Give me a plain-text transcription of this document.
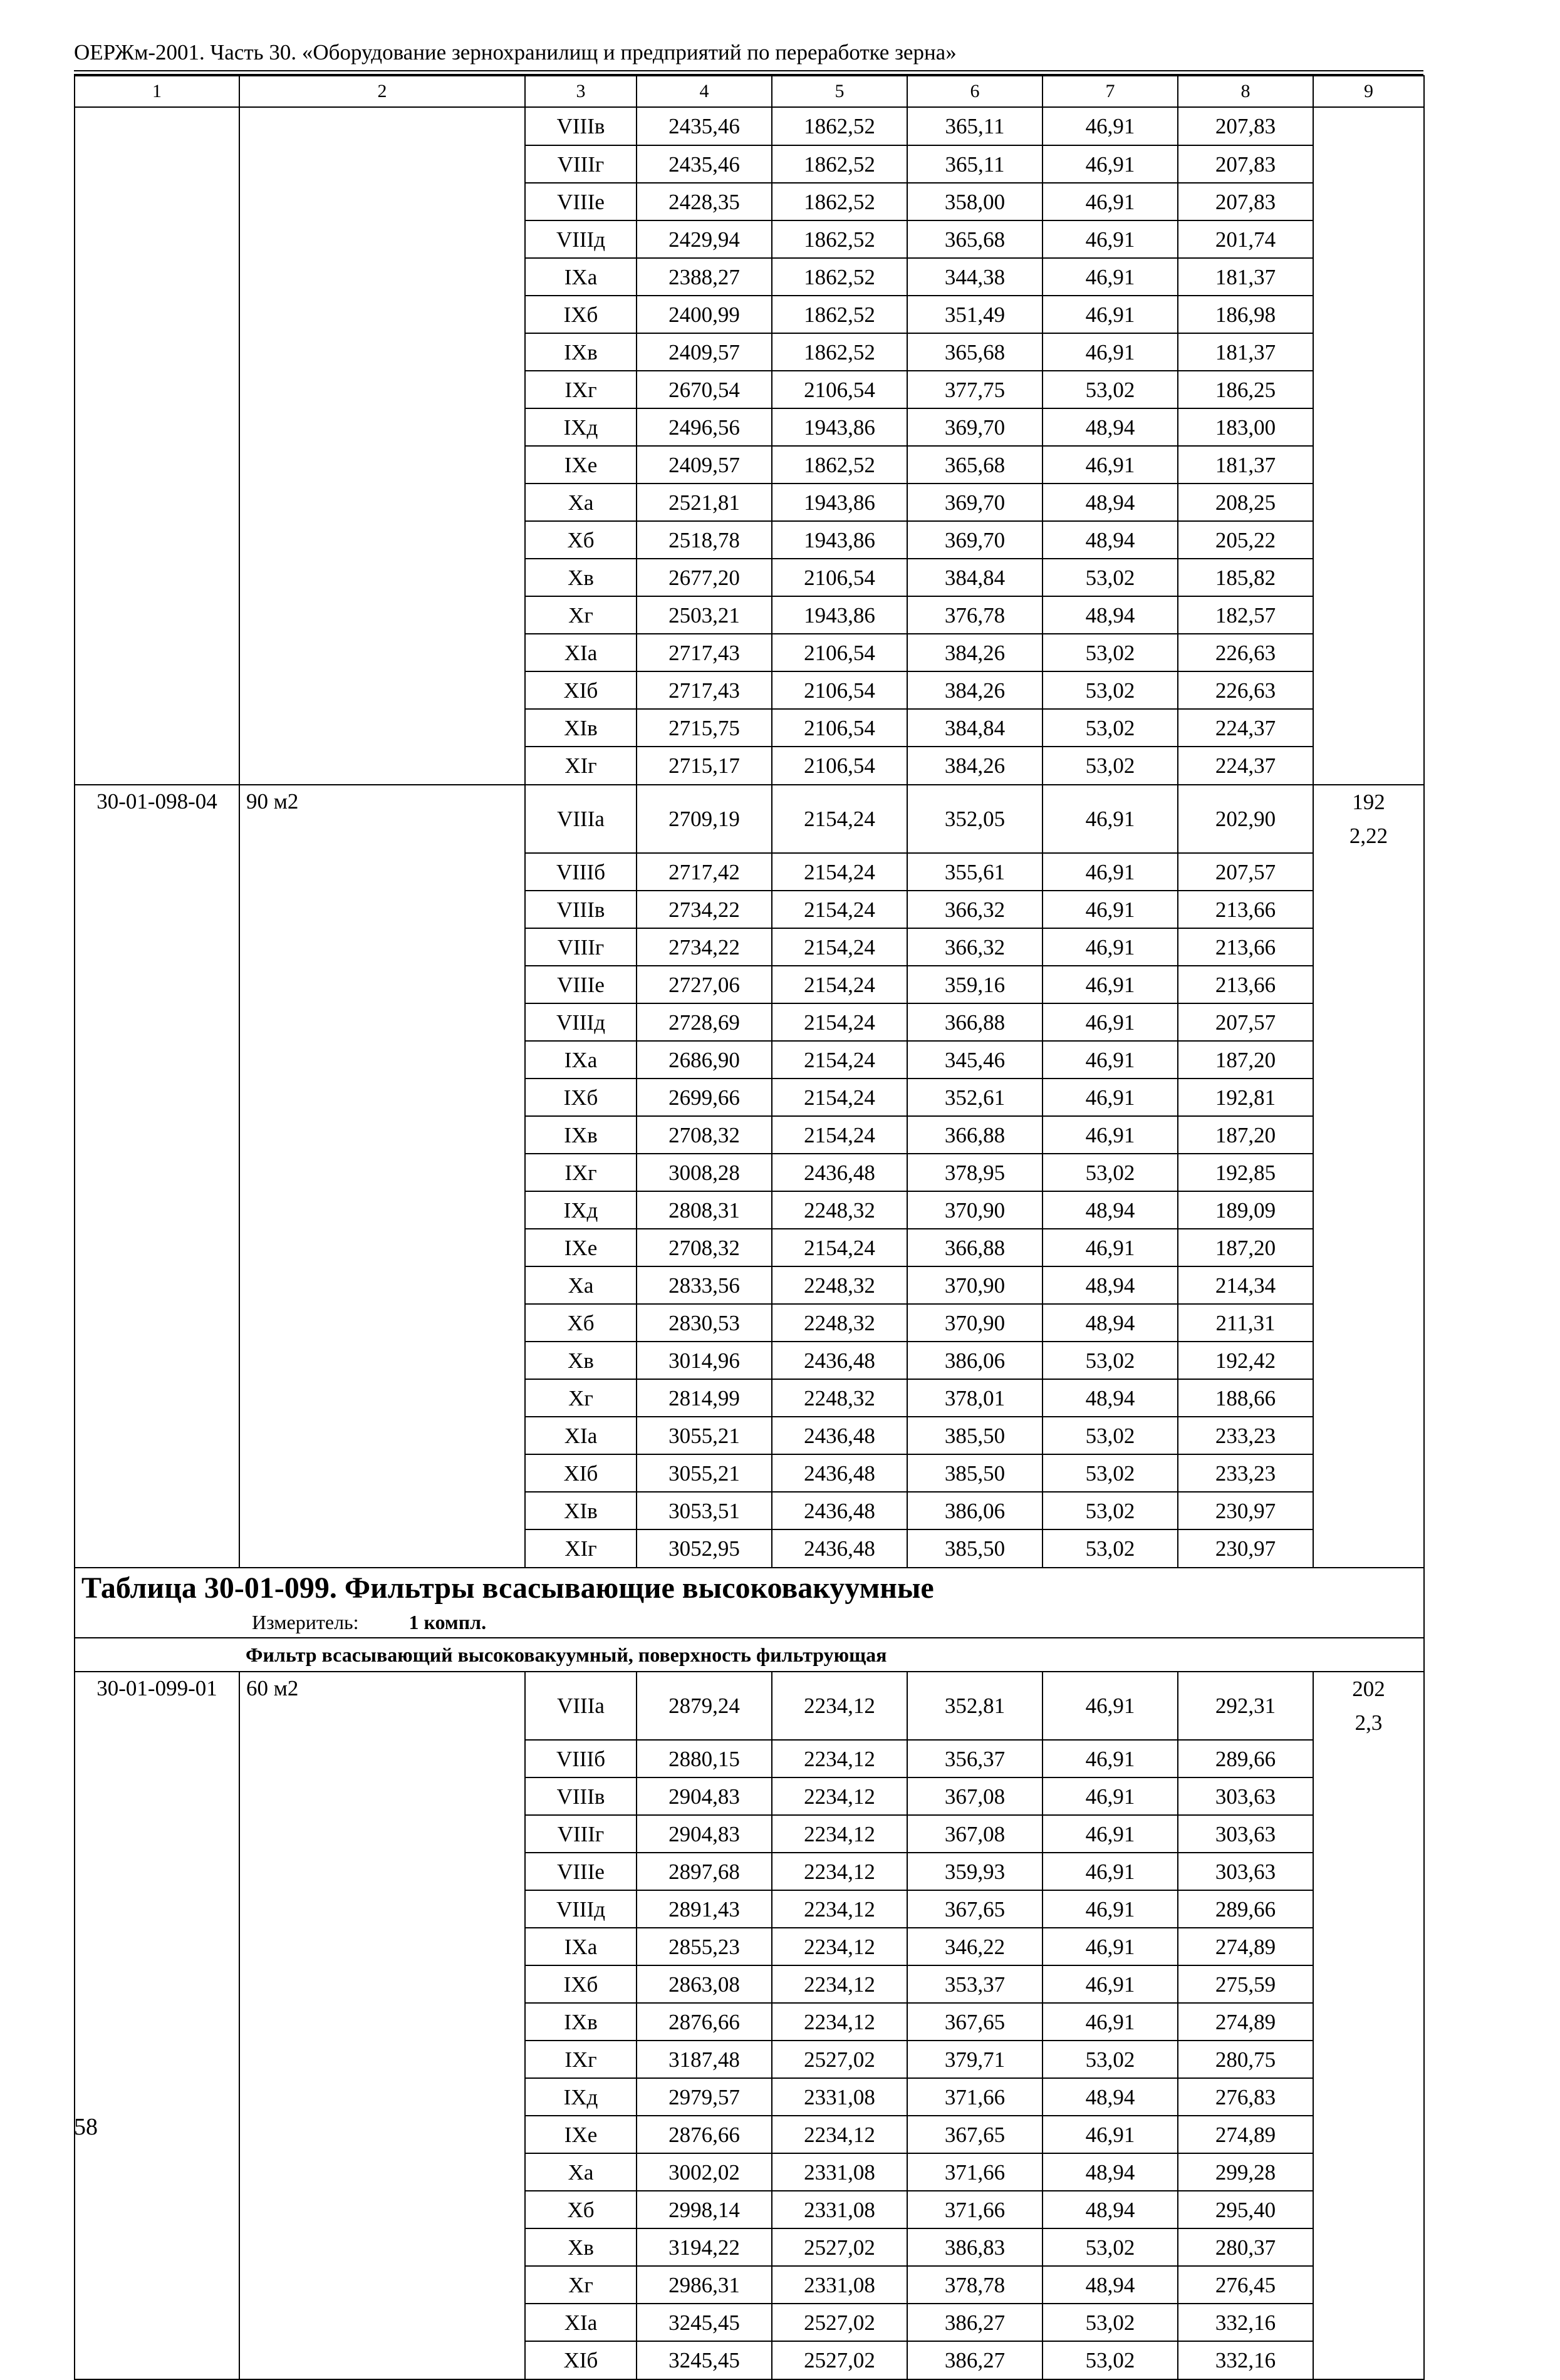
ОЕРЖм-2001. Часть 30. «Оборудование зернохранилищ и предприятий по переработке зерна»
1	2	3	4	5	6	7	8	9
		VIIIв	2435,46	1862,52	365,11	46,91	207,83	
		VIIIг	2435,46	1862,52	365,11	46,91	207,83	
		VIIIе	2428,35	1862,52	358,00	46,91	207,83	
		VIIIд	2429,94	1862,52	365,68	46,91	201,74	
		IXа	2388,27	1862,52	344,38	46,91	181,37	
		IXб	2400,99	1862,52	351,49	46,91	186,98	
		IXв	2409,57	1862,52	365,68	46,91	181,37	
		IXг	2670,54	2106,54	377,75	53,02	186,25	
		IXд	2496,56	1943,86	369,70	48,94	183,00	
		IXе	2409,57	1862,52	365,68	46,91	181,37	
		Xа	2521,81	1943,86	369,70	48,94	208,25	
		Xб	2518,78	1943,86	369,70	48,94	205,22	
		Xв	2677,20	2106,54	384,84	53,02	185,82	
		Xг	2503,21	1943,86	376,78	48,94	182,57	
		XIа	2717,43	2106,54	384,26	53,02	226,63	
		XIб	2717,43	2106,54	384,26	53,02	226,63	
		XIв	2715,75	2106,54	384,84	53,02	224,37	
		XIг	2715,17	2106,54	384,26	53,02	224,37	
30-01-098-04	90 м2	VIIIа	2709,19	2154,24	352,05	46,91	202,90	192
2,22

		VIIIб	2717,42	2154,24	355,61	46,91	207,57	
		VIIIв	2734,22	2154,24	366,32	46,91	213,66	
		VIIIг	2734,22	2154,24	366,32	46,91	213,66	
		VIIIе	2727,06	2154,24	359,16	46,91	213,66	
		VIIIд	2728,69	2154,24	366,88	46,91	207,57	
		IXа	2686,90	2154,24	345,46	46,91	187,20	
		IXб	2699,66	2154,24	352,61	46,91	192,81	
		IXв	2708,32	2154,24	366,88	46,91	187,20	
		IXг	3008,28	2436,48	378,95	53,02	192,85	
		IXд	2808,31	2248,32	370,90	48,94	189,09	
		IXе	2708,32	2154,24	366,88	46,91	187,20	
		Xа	2833,56	2248,32	370,90	48,94	214,34	
		Xб	2830,53	2248,32	370,90	48,94	211,31	
		Xв	3014,96	2436,48	386,06	53,02	192,42	
		Xг	2814,99	2248,32	378,01	48,94	188,66	
		XIа	3055,21	2436,48	385,50	53,02	233,23	
		XIб	3055,21	2436,48	385,50	53,02	233,23	
		XIв	3053,51	2436,48	386,06	53,02	230,97	
		XIг	3052,95	2436,48	385,50	53,02	230,97	

Таблица 30-01-099. Фильтры всасывающие высоковакуумные
Измеритель: 1 компл.								

Фильтр всасывающий высоковакуумный, поверхность фильтрующая								
30-01-099-01	60 м2	VIIIа	2879,24	2234,12	352,81	46,91	292,31	202
2,3

		VIIIб	2880,15	2234,12	356,37	46,91	289,66	
		VIIIв	2904,83	2234,12	367,08	46,91	303,63	
		VIIIг	2904,83	2234,12	367,08	46,91	303,63	
		VIIIе	2897,68	2234,12	359,93	46,91	303,63	
		VIIIд	2891,43	2234,12	367,65	46,91	289,66	
		IXа	2855,23	2234,12	346,22	46,91	274,89	
		IXб	2863,08	2234,12	353,37	46,91	275,59	
		IXв	2876,66	2234,12	367,65	46,91	274,89	
		IXг	3187,48	2527,02	379,71	53,02	280,75	
		IXд	2979,57	2331,08	371,66	48,94	276,83	
		IXе	2876,66	2234,12	367,65	46,91	274,89	
		Xа	3002,02	2331,08	371,66	48,94	299,28	
		Xб	2998,14	2331,08	371,66	48,94	295,40	
		Xв	3194,22	2527,02	386,83	53,02	280,37	
		Xг	2986,31	2331,08	378,78	48,94	276,45	
		XIа	3245,45	2527,02	386,27	53,02	332,16	
		XIб	3245,45	2527,02	386,27	53,02	332,16	
58
